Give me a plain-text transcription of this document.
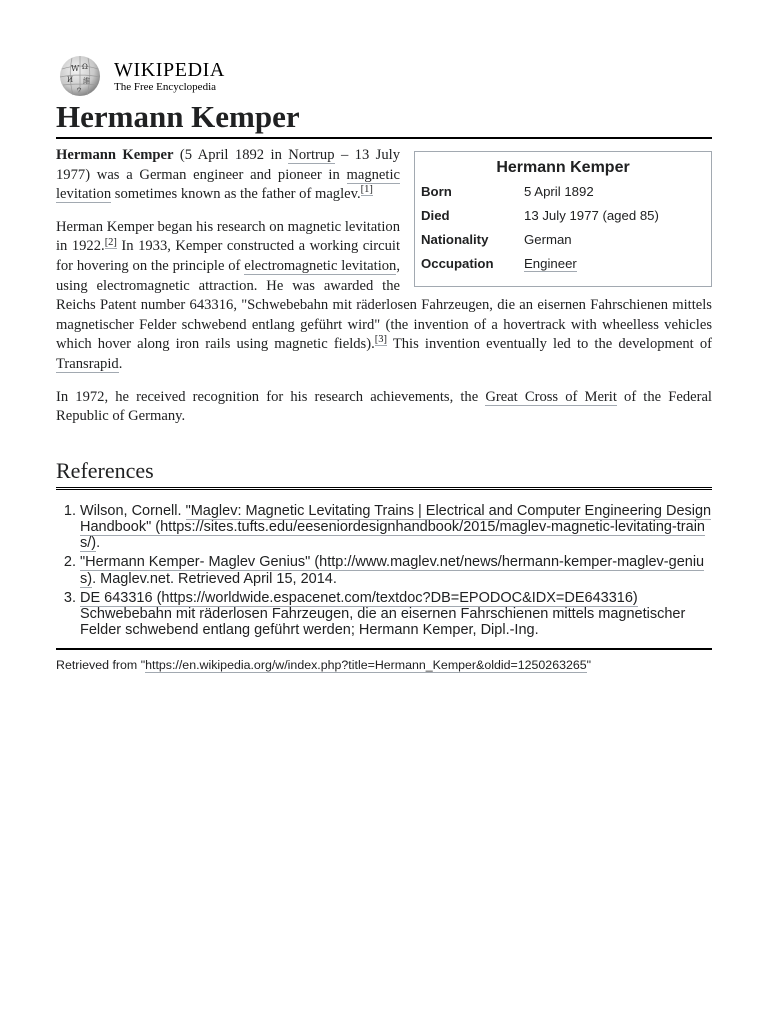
W Ω
И 維
ウ
WIKIPEDIA
The Free Encyclopedia
Hermann Kemper
Hermann Kemper
Born	5 April 1892
Died	13 July 1977 (aged 85)
Nationality	German
Occupation	Engineer

Hermann Kemper (5 April 1892 in Nortrup – 13 July 1977) was a German engineer and pioneer in magnetic levitation sometimes known as the father of maglev.[1]

Herman Kemper began his research on magnetic levitation in 1922.[2] In 1933, Kemper constructed a working circuit for hovering on the principle of electromagnetic levitation, using electromagnetic attraction. He was awarded the Reichs Patent number 643316, "Schwebebahn mit räderlosen Fahrzeugen, die an eisernen Fahrschienen mittels magnetischer Felder schwebend entlang geführt wird" (the invention of a hovertrack with wheelless vehicles which hover along iron rails using magnetic fields).[3] This invention eventually led to the development of Transrapid.

In 1972, he received recognition for his research achievements, the Great Cross of Merit of the Federal Republic of Germany.

References
1. Wilson, Cornell. "Maglev: Magnetic Levitating Trains | Electrical and Computer Engineering Design Handbook" (https://sites.tufts.edu/eeseniordesignhandbook/2015/maglev-magnetic-levitating-trains/).
2. "Hermann Kemper- Maglev Genius" (http://www.maglev.net/news/hermann-kemper-maglev-genius). Maglev.net. Retrieved April 15, 2014.
3. DE 643316 (https://worldwide.espacenet.com/textdoc?DB=EPODOC&IDX=DE643316) Schwebebahn mit räderlosen Fahrzeugen, die an eisernen Fahrschienen mittels magnetischer Felder schwebend entlang geführt werden; Hermann Kemper, Dipl.-Ing.
Retrieved from "https://en.wikipedia.org/w/index.php?title=Hermann_Kemper&oldid=1250263265"
